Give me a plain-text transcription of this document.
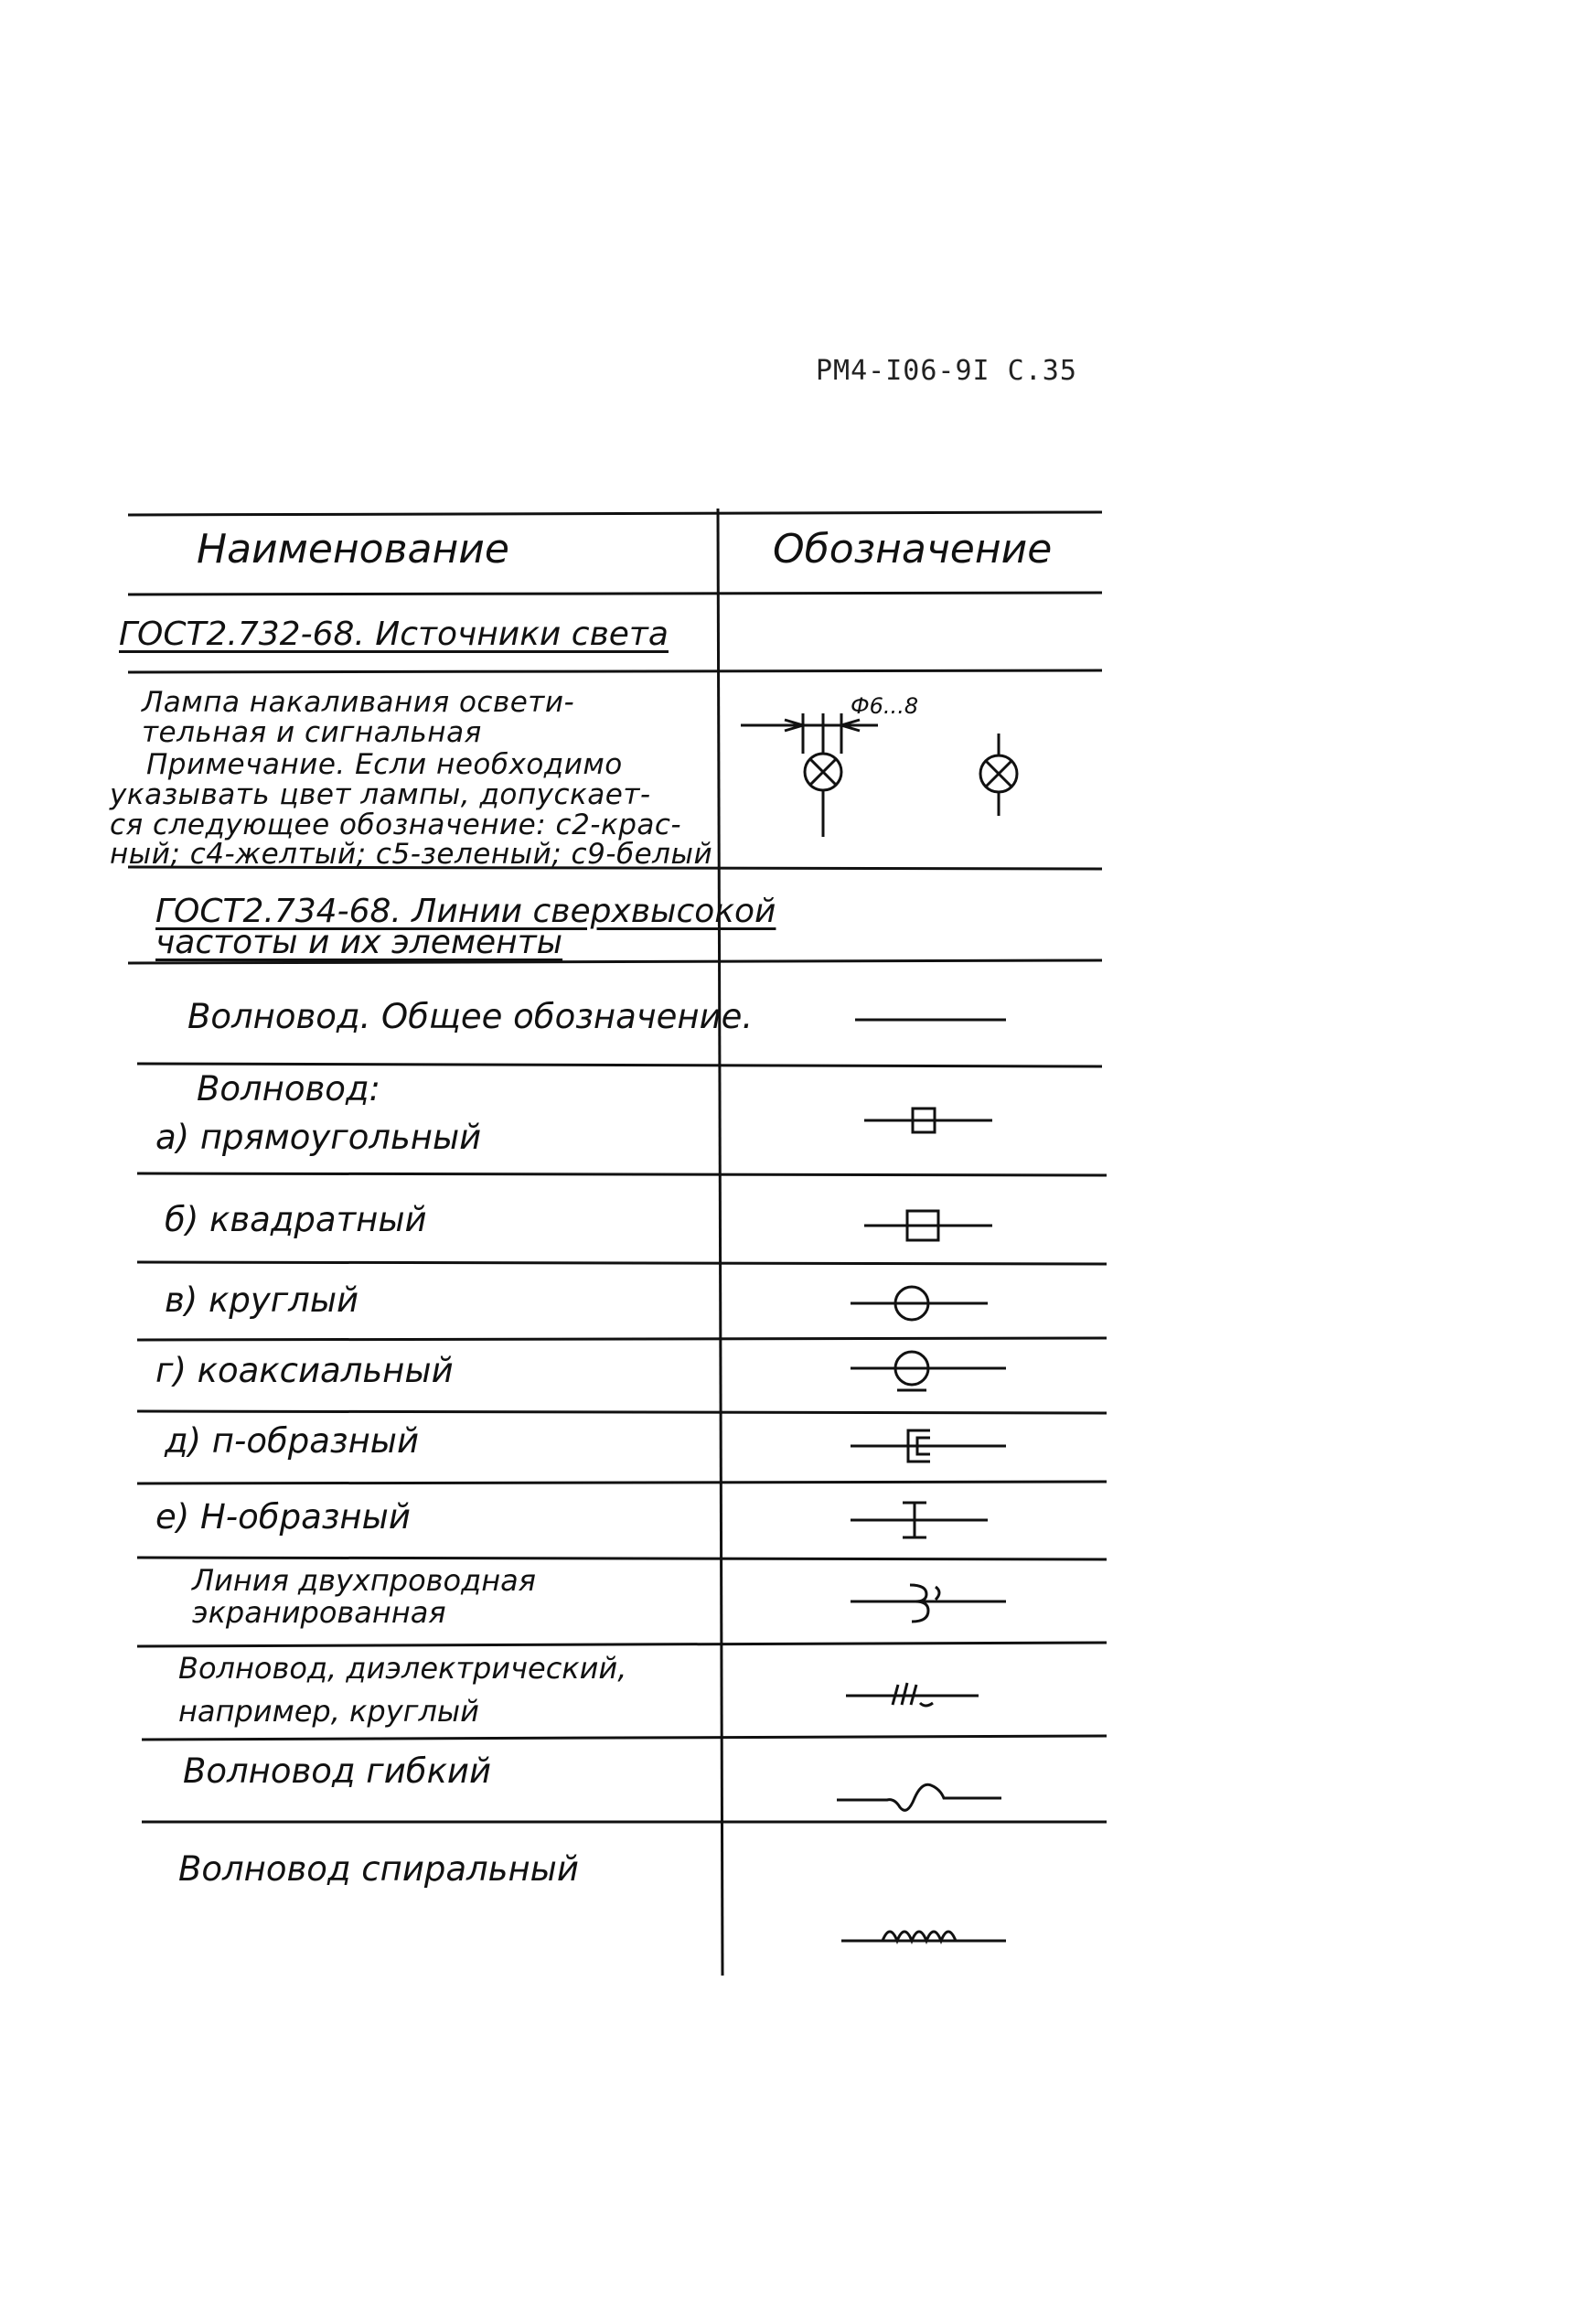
РМ4-I06-9I С.35
Наименование	Обозначение
ГОСТ2.732-68. Источники света
Лампа накаливания освети-
тельная и сигнальная
Примечание. Если необходимо
указывать цвет лампы, допускает-
ся следующее обозначение: с2-крас-
ный; с4-желтый; с5-зеленый; с9-белый
Ф6...8
ГОСТ2.734-68. Линии сверхвысокой
частоты и их элементы
Волновод. Общее обозначение.
Волновод:
а) прямоугольный
б) квадратный
в) круглый
г) коаксиальный
д) п-образный
е) Н-образный
Линия двухпроводная
экранированная
Волновод, диэлектрический,
например, круглый
Волновод гибкий
Волновод спиральный
